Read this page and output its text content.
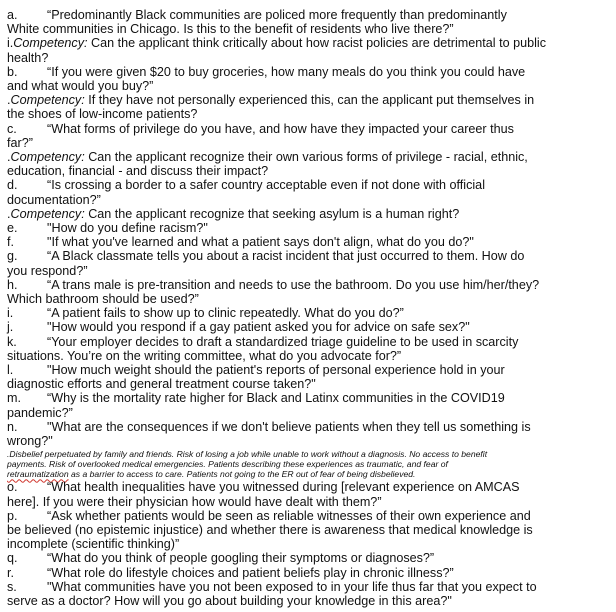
a.	“Predominantly Black communities are policed more frequently than predominantly
White communities in Chicago. Is this to the benefit of residents who live there?”
i.Competency: Can the applicant think critically about how racist policies are detrimental to public
health?
b.	“If you were given $20 to buy groceries, how many meals do you think you could have
and what would you buy?”
.Competency: If they have not personally experienced this, can the applicant put themselves in
the shoes of low-income patients?
c.	“What forms of privilege do you have, and how have they impacted your career thus
far?”
.Competency: Can the applicant recognize their own various forms of privilege - racial, ethnic,
education, financial - and discuss their impact?
d.	“Is crossing a border to a safer country acceptable even if not done with official
documentation?”
.Competency: Can the applicant recognize that seeking asylum is a human right?
e.	"How do you define racism?"
f.	"If what you've learned and what a patient says don't align, what do you do?"
g.	“A Black classmate tells you about a racist incident that just occurred to them. How do
you respond?”
h.	“A trans male is pre-transition and needs to use the bathroom. Do you use him/her/they?
Which bathroom should be used?”
i.	“A patient fails to show up to clinic repeatedly. What do you do?”
j.	"How would you respond if a gay patient asked you for advice on safe sex?"
k.	“Your employer decides to draft a standardized triage guideline to be used in scarcity
situations. You’re on the writing committee, what do you advocate for?”
l.	"How much weight should the patient's reports of personal experience hold in your
diagnostic efforts and general treatment course taken?"
m.	“Why is the mortality rate higher for Black and Latinx communities in the COVID19
pandemic?”
n.	"What are the consequences if we don't believe patients when they tell us something is
wrong?"
.Disbelief perpetuated by family and friends. Risk of losing a job while unable to work without a diagnosis. No access to benefit
payments. Risk of overlooked medical emergencies. Patients describing these experiences as traumatic, and fear of
retraumatization as a barrier to access to care. Patients not going to the ER out of fear of being disbelieved.
o.	“What health inequalities have you witnessed during [relevant experience on AMCAS
here]. If you were their physician how would have dealt with them?”
p.	“Ask whether patients would be seen as reliable witnesses of their own experience and
be believed (no epistemic injustice) and whether there is awareness that medical knowledge is
incomplete (scientific thinking)”
q.	“What do you think of people googling their symptoms or diagnoses?”
r.	“What role do lifestyle choices and patient beliefs play in chronic illness?”
s.	"What communities have you not been exposed to in your life thus far that you expect to
serve as a doctor? How will you go about building your knowledge in this area?"
